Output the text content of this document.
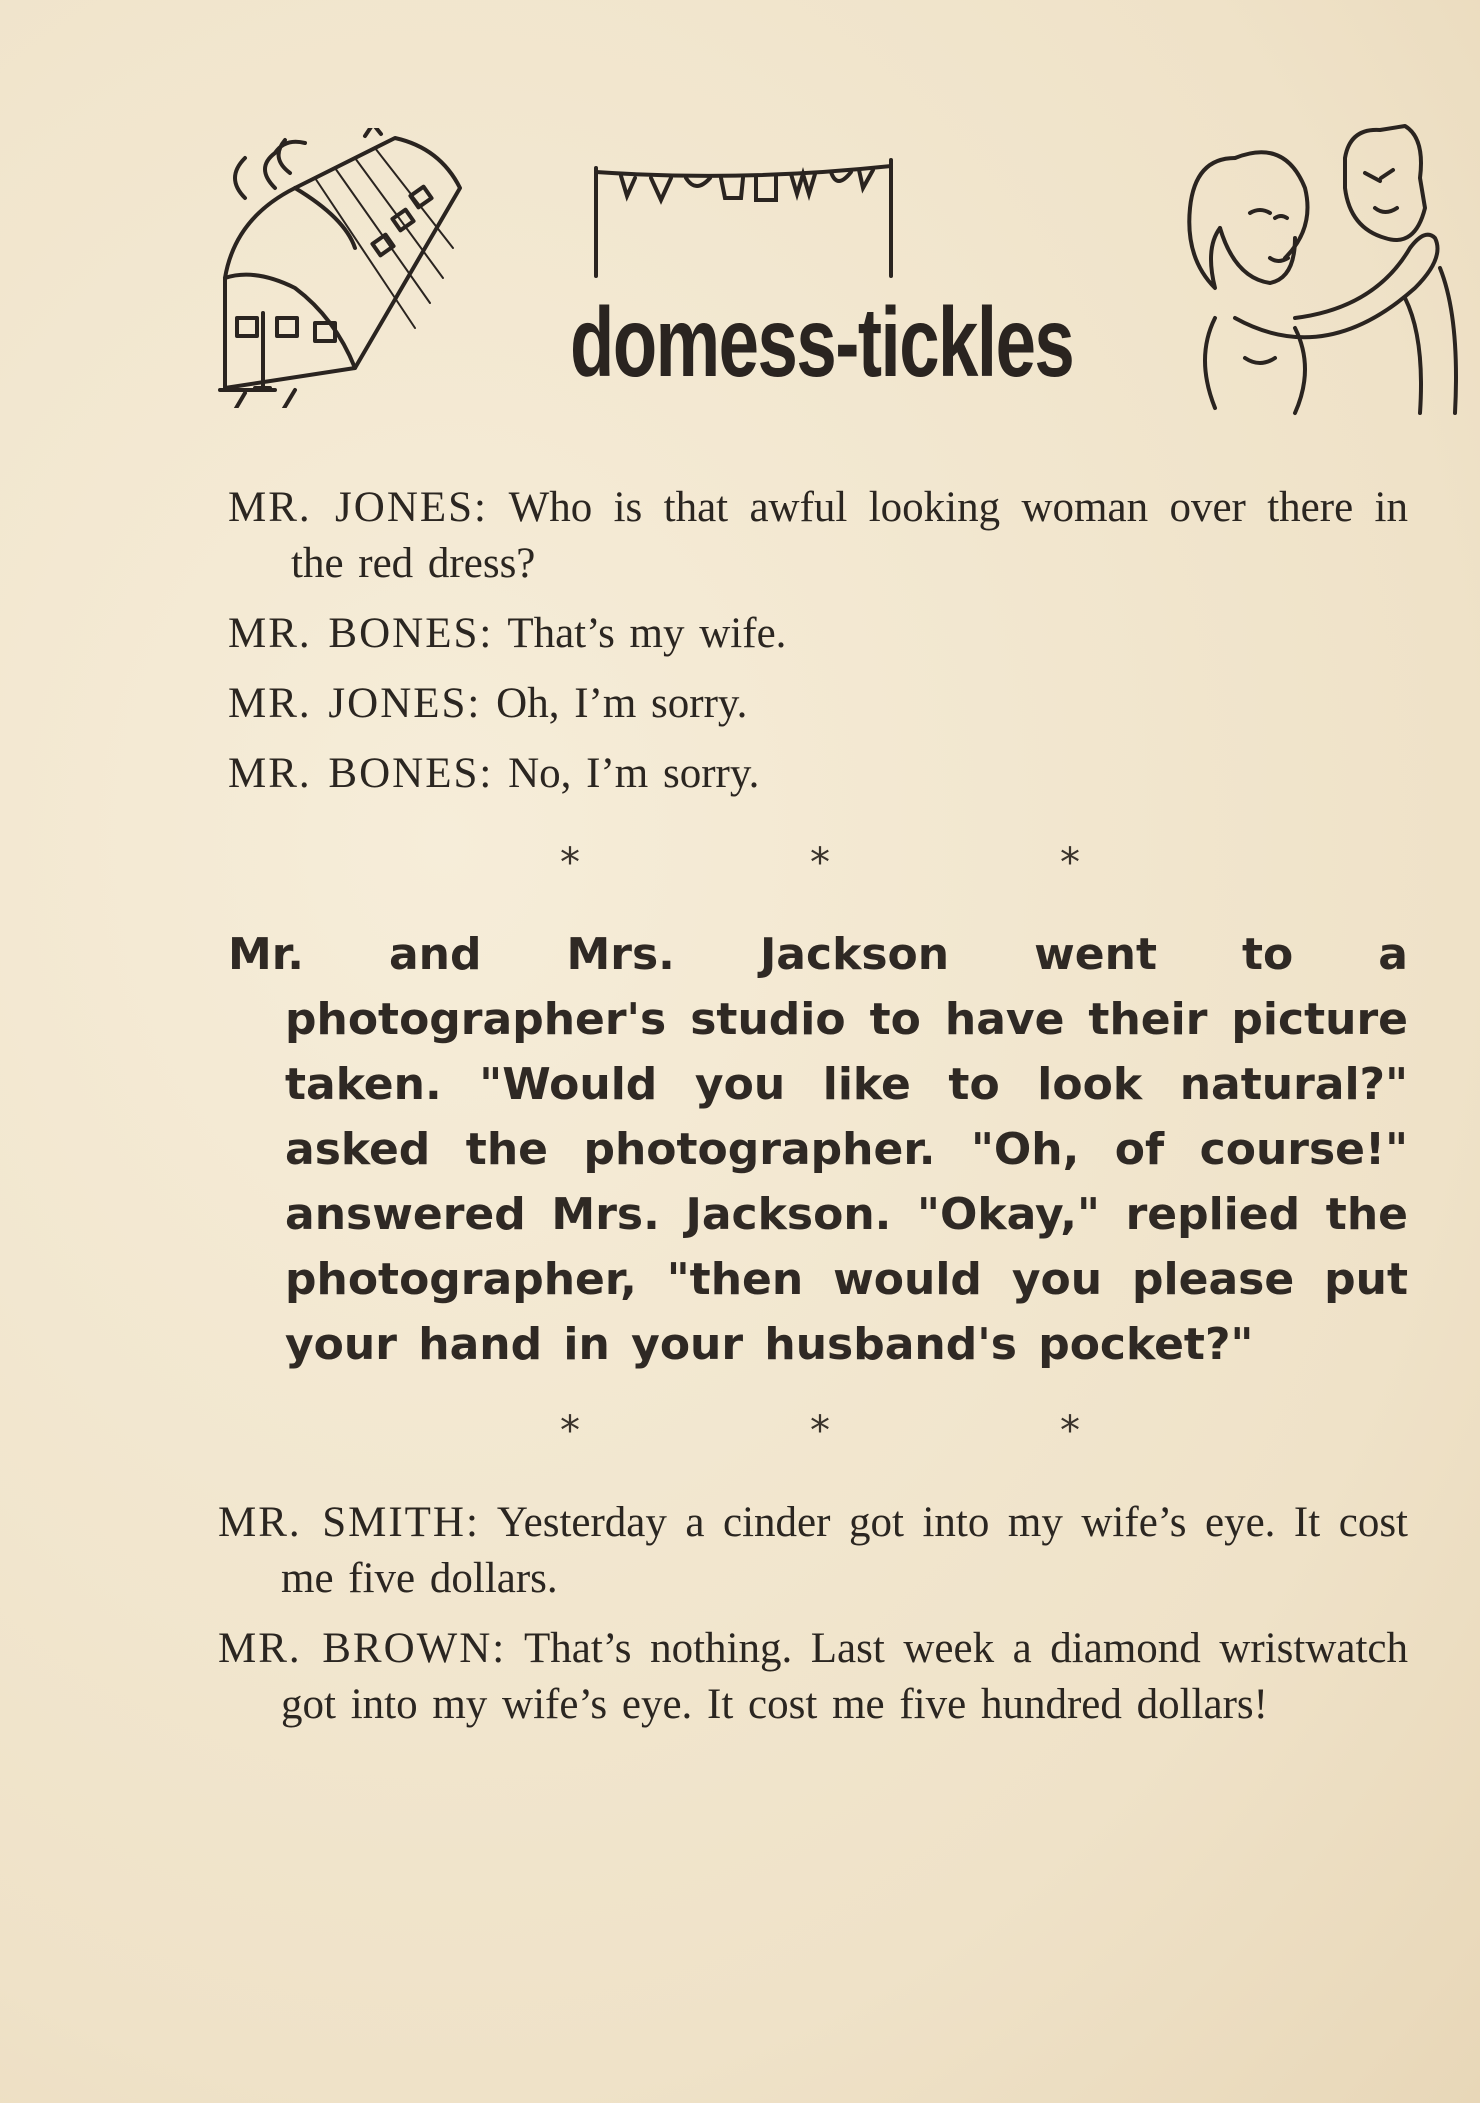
domess-tickles

MR. JONES: Who is that awful looking woman over there in the red dress?

MR. BONES: That’s my wife.

MR. JONES: Oh, I’m sorry.

MR. BONES: No, I’m sorry.

*	*	*

Mr. and Mrs. Jackson went to a photographer's studio to have their picture taken. "Would you like to look natural?" asked the photographer. "Oh, of course!" answered Mrs. Jackson. "Okay," replied the photographer, "then would you please put your hand in your husband's pocket?"

*	*	*

MR. SMITH: Yesterday a cinder got into my wife’s eye. It cost me five dollars.

MR. BROWN: That’s nothing. Last week a diamond wristwatch got into my wife’s eye. It cost me five hundred dollars!
